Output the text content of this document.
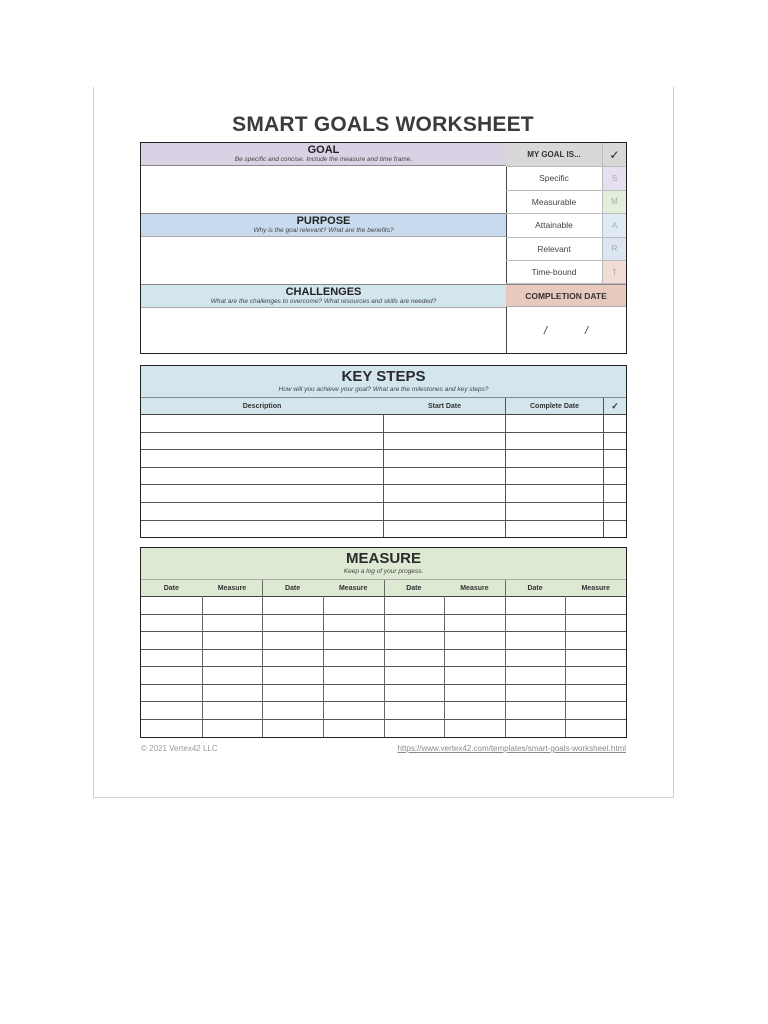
SMART GOALS WORKSHEET
GOAL
Be specific and concise. Include the measure and time frame.
PURPOSE
Why is the goal relevant? What are the benefits?
CHALLENGES
What are the challenges to overcome? What resources and skills are needed?
MY GOAL IS...	✓
Specific	S
Measurable	M
Attainable	A
Relevant	R
Time-bound	T
COMPLETION DATE
/	/
KEY STEPS
How will you achieve your goal? What are the milestones and key steps?
Description	Start Date	Complete Date	✓
MEASURE
Keep a log of your progess.
Date	Measure	Date	Measure	Date	Measure	Date	Measure
© 2021 Vertex42 LLC	https://www.vertex42.com/templates/smart-goals-worksheet.html
